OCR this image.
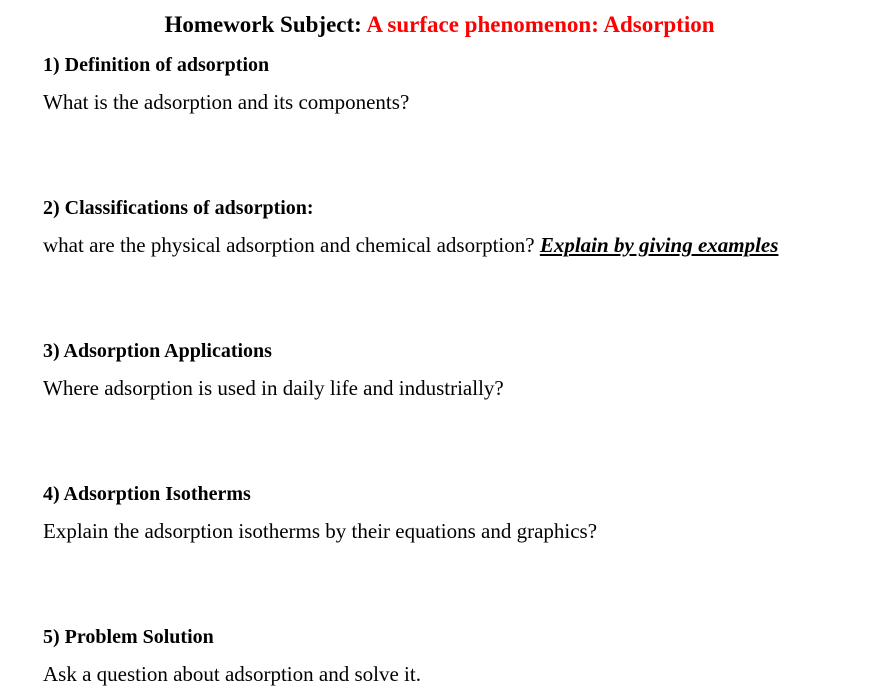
Homework Subject: A surface phenomenon: Adsorption
1) Definition of adsorption
What is the adsorption and its components?
2) Classifications of adsorption:
what are the physical adsorption and chemical adsorption? Explain by giving examples
3) Adsorption Applications
Where adsorption is used in daily life and industrially?
4) Adsorption Isotherms
Explain the adsorption isotherms by their equations and graphics?
5) Problem Solution
Ask a question about adsorption and solve it.
